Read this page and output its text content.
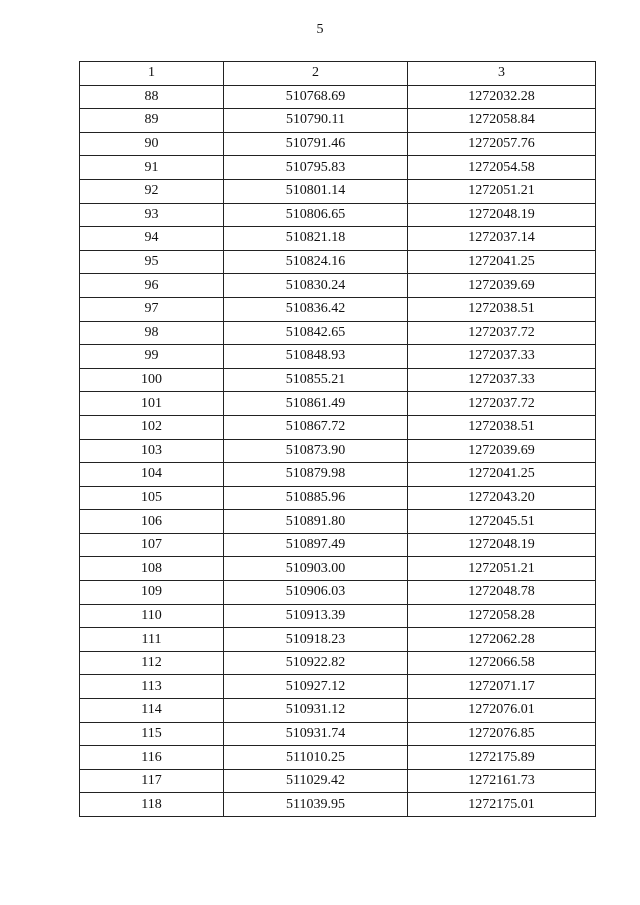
5
1	2	3
88	510768.69	1272032.28
89	510790.11	1272058.84
90	510791.46	1272057.76
91	510795.83	1272054.58
92	510801.14	1272051.21
93	510806.65	1272048.19
94	510821.18	1272037.14
95	510824.16	1272041.25
96	510830.24	1272039.69
97	510836.42	1272038.51
98	510842.65	1272037.72
99	510848.93	1272037.33
100	510855.21	1272037.33
101	510861.49	1272037.72
102	510867.72	1272038.51
103	510873.90	1272039.69
104	510879.98	1272041.25
105	510885.96	1272043.20
106	510891.80	1272045.51
107	510897.49	1272048.19
108	510903.00	1272051.21
109	510906.03	1272048.78
110	510913.39	1272058.28
111	510918.23	1272062.28
112	510922.82	1272066.58
113	510927.12	1272071.17
114	510931.12	1272076.01
115	510931.74	1272076.85
116	511010.25	1272175.89
117	511029.42	1272161.73
118	511039.95	1272175.01
